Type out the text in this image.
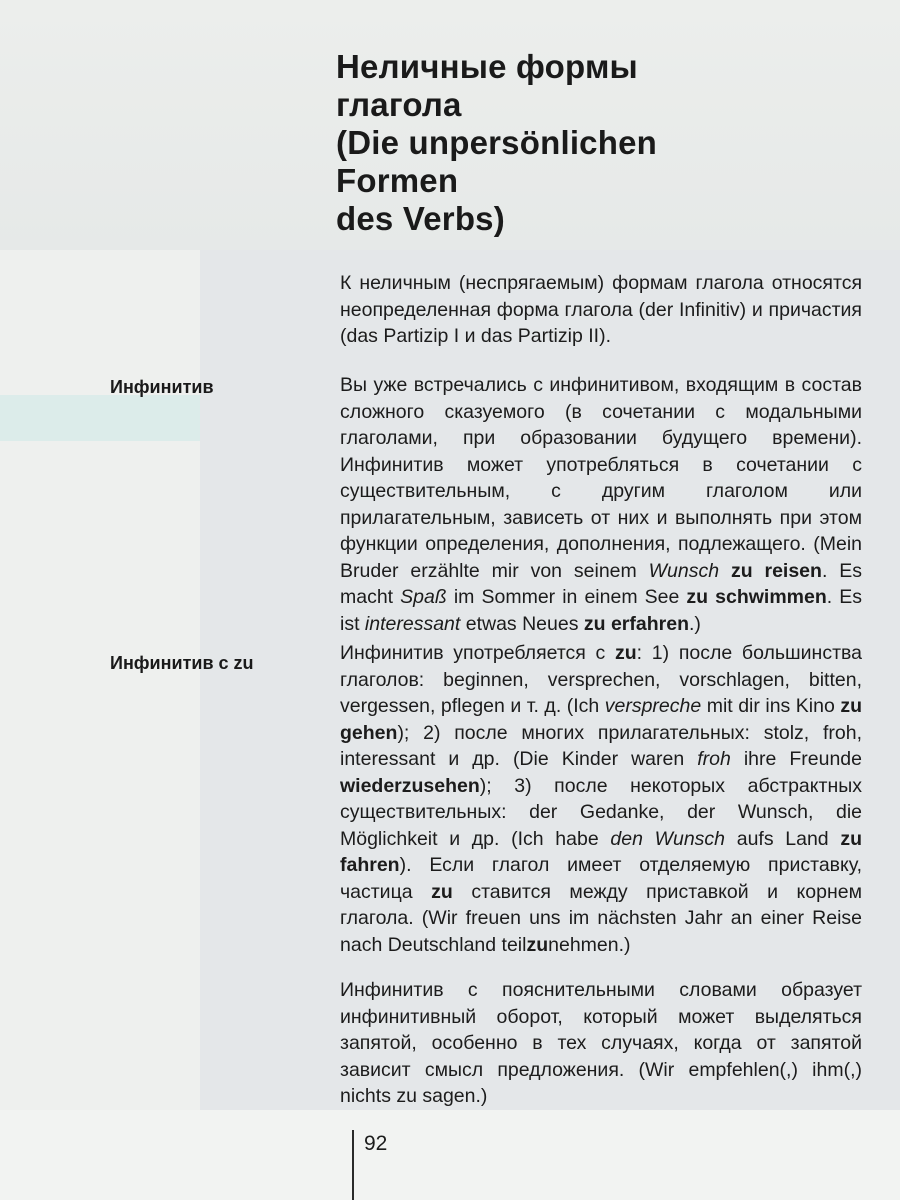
Неличные формы
глагола
(Die unpersönlichen
Formen
des Verbs)

Инфинитив

Инфинитив с zu

К неличным (неспрягаемым) формам глагола относятся неопределенная форма глагола (der Infinitiv) и причастия (das Partizip I и das Partizip II).

Вы уже встречались с инфинитивом, входящим в состав сложного сказуемого (в сочетании с модальными глаголами, при образовании будущего времени). Инфинитив может употребляться в сочетании с существительным, с другим глаголом или прилагательным, зависеть от них и выполнять при этом функции определения, дополнения, подлежащего. (Mein Bruder erzählte mir von seinem Wunsch zu reisen. Es macht Spaß im Sommer in einem See zu schwimmen. Es ist interessant etwas Neues zu erfahren.)

Инфинитив употребляется с zu: 1) после большинства глаголов: beginnen, versprechen, vorschlagen, bitten, vergessen, pflegen и т. д. (Ich verspreche mit dir ins Kino zu gehen); 2) после многих прилагательных: stolz, froh, interessant и др. (Die Kinder waren froh ihre Freunde wiederzusehen); 3) после некоторых абстрактных существительных: der Gedanke, der Wunsch, die Möglichkeit и др. (Ich habe den Wunsch aufs Land zu fahren). Если глагол имеет отделяемую приставку, частица zu ставится между приставкой и корнем глагола. (Wir freuen uns im nächsten Jahr an einer Reise nach Deutschland teilzunehmen.)

Инфинитив с пояснительными словами образует инфинитивный оборот, который может выделяться запятой, особенно в тех случаях, когда от запятой зависит смысл предложения. (Wir empfehlen(,) ihm(,) nichts zu sagen.)

92
